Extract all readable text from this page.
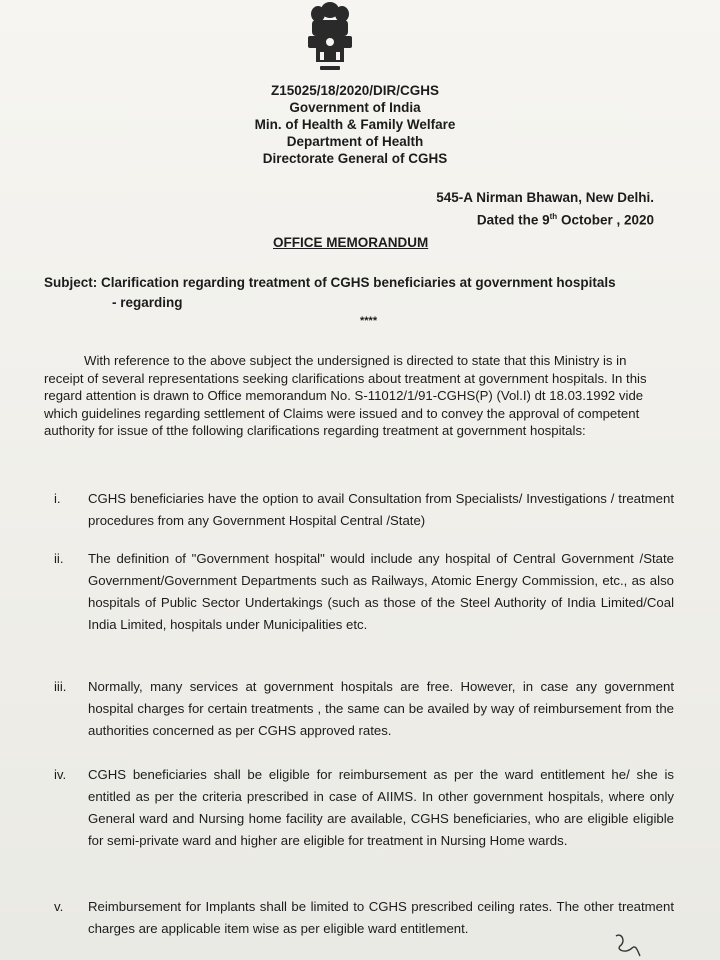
Z15025/18/2020/DIR/CGHS
Government of India
Min. of Health & Family Welfare
Department of Health
Directorate General of CGHS
545-A Nirman Bhawan, New Delhi.
Dated the 9th October , 2020
OFFICE MEMORANDUM
Subject: Clarification regarding treatment of CGHS beneficiaries at government hospitals
- regarding
****
With reference to the above subject the undersigned is directed to state that this Ministry is in receipt of several representations seeking clarifications about treatment at government hospitals. In this regard attention is drawn to Office memorandum No. S-11012/1/91-CGHS(P) (Vol.I) dt 18.03.1992 vide which guidelines regarding settlement of Claims were issued and to convey the approval of competent authority for issue of tthe following clarifications regarding treatment at government hospitals:
i.	CGHS beneficiaries have the option to avail Consultation from Specialists/ Investigations / treatment procedures from any Government Hospital Central /State)
ii.	The definition of "Government hospital" would include any hospital of Central Government /State Government/Government Departments such as Railways, Atomic Energy Commission, etc., as also hospitals of Public Sector Undertakings (such as those of the Steel Authority of India Limited/Coal India Limited, hospitals under Municipalities etc.
iii.	Normally, many services at government hospitals are free. However, in case any government hospital charges for certain treatments , the same can be availed by way of reimbursement from the authorities concerned as per CGHS approved rates.
iv.	CGHS beneficiaries shall be eligible for reimbursement as per the ward entitlement he/ she is entitled as per the criteria prescribed in case of AIIMS. In other government hospitals, where only General ward and Nursing home facility are available, CGHS beneficiaries, who are eligible eligible for semi-private ward and higher are eligible for treatment in Nursing Home wards.
v.	Reimbursement for Implants shall be limited to CGHS prescribed ceiling rates. The other treatment charges are applicable item wise as per eligible ward entitlement.
